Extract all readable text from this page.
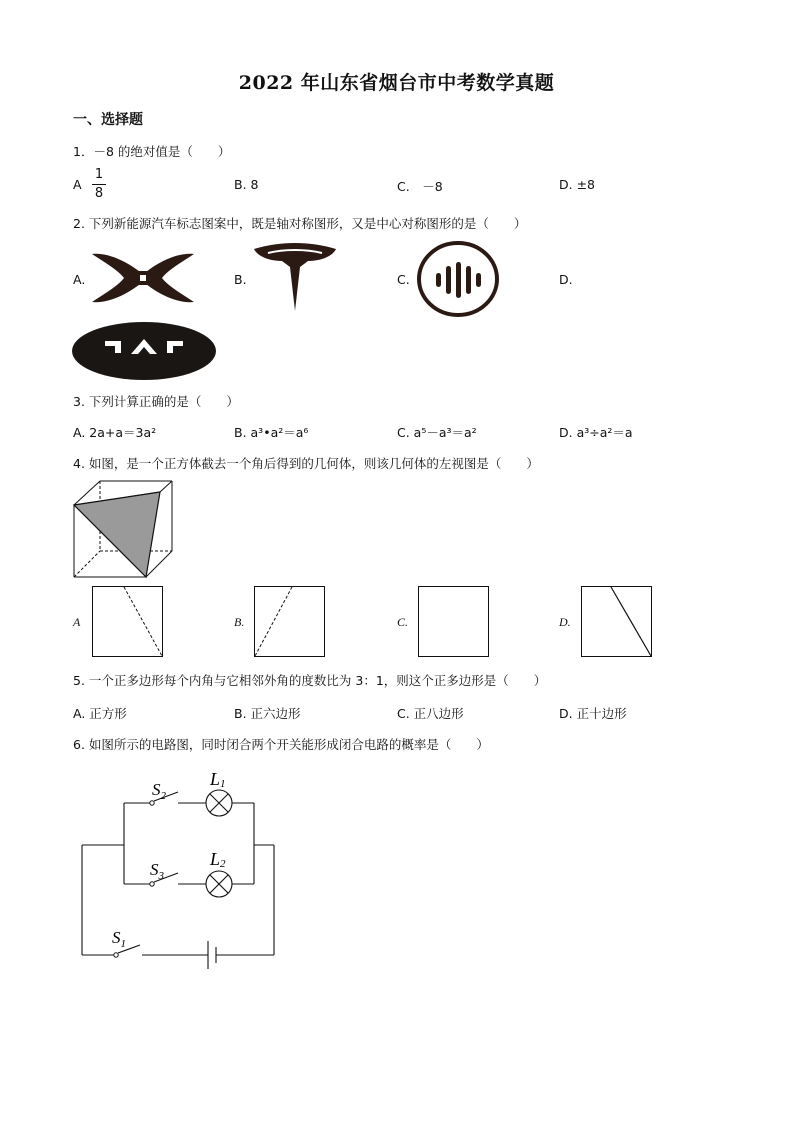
2022 年山东省烟台市中考数学真题
一、选择题
1．－8 的绝对值是（　　）
A
1
8
B. 8	C.　－8	D. ±8
2. 下列新能源汽车标志图案中，既是轴对称图形，又是中心对称图形的是（　　）
A.	B.	C.	D.
3. 下列计算正确的是（　　）
A. 2a+a＝3a²	B. a³•a²＝a⁶	C. a⁵－a³＝a²	D. a³÷a²＝a
4. 如图，是一个正方体截去一个角后得到的几何体，则该几何体的左视图是（　　）
A	B.	C.	D.
5. 一个正多边形每个内角与它相邻外角的度数比为 3：1，则这个正多边形是（　　）
A. 正方形	B. 正六边形	C. 正八边形	D. 正十边形
6. 如图所示的电路图，同时闭合两个开关能形成闭合电路的概率是（　　）
$S_2$
L1
$S_3$
L2
$S_1$
